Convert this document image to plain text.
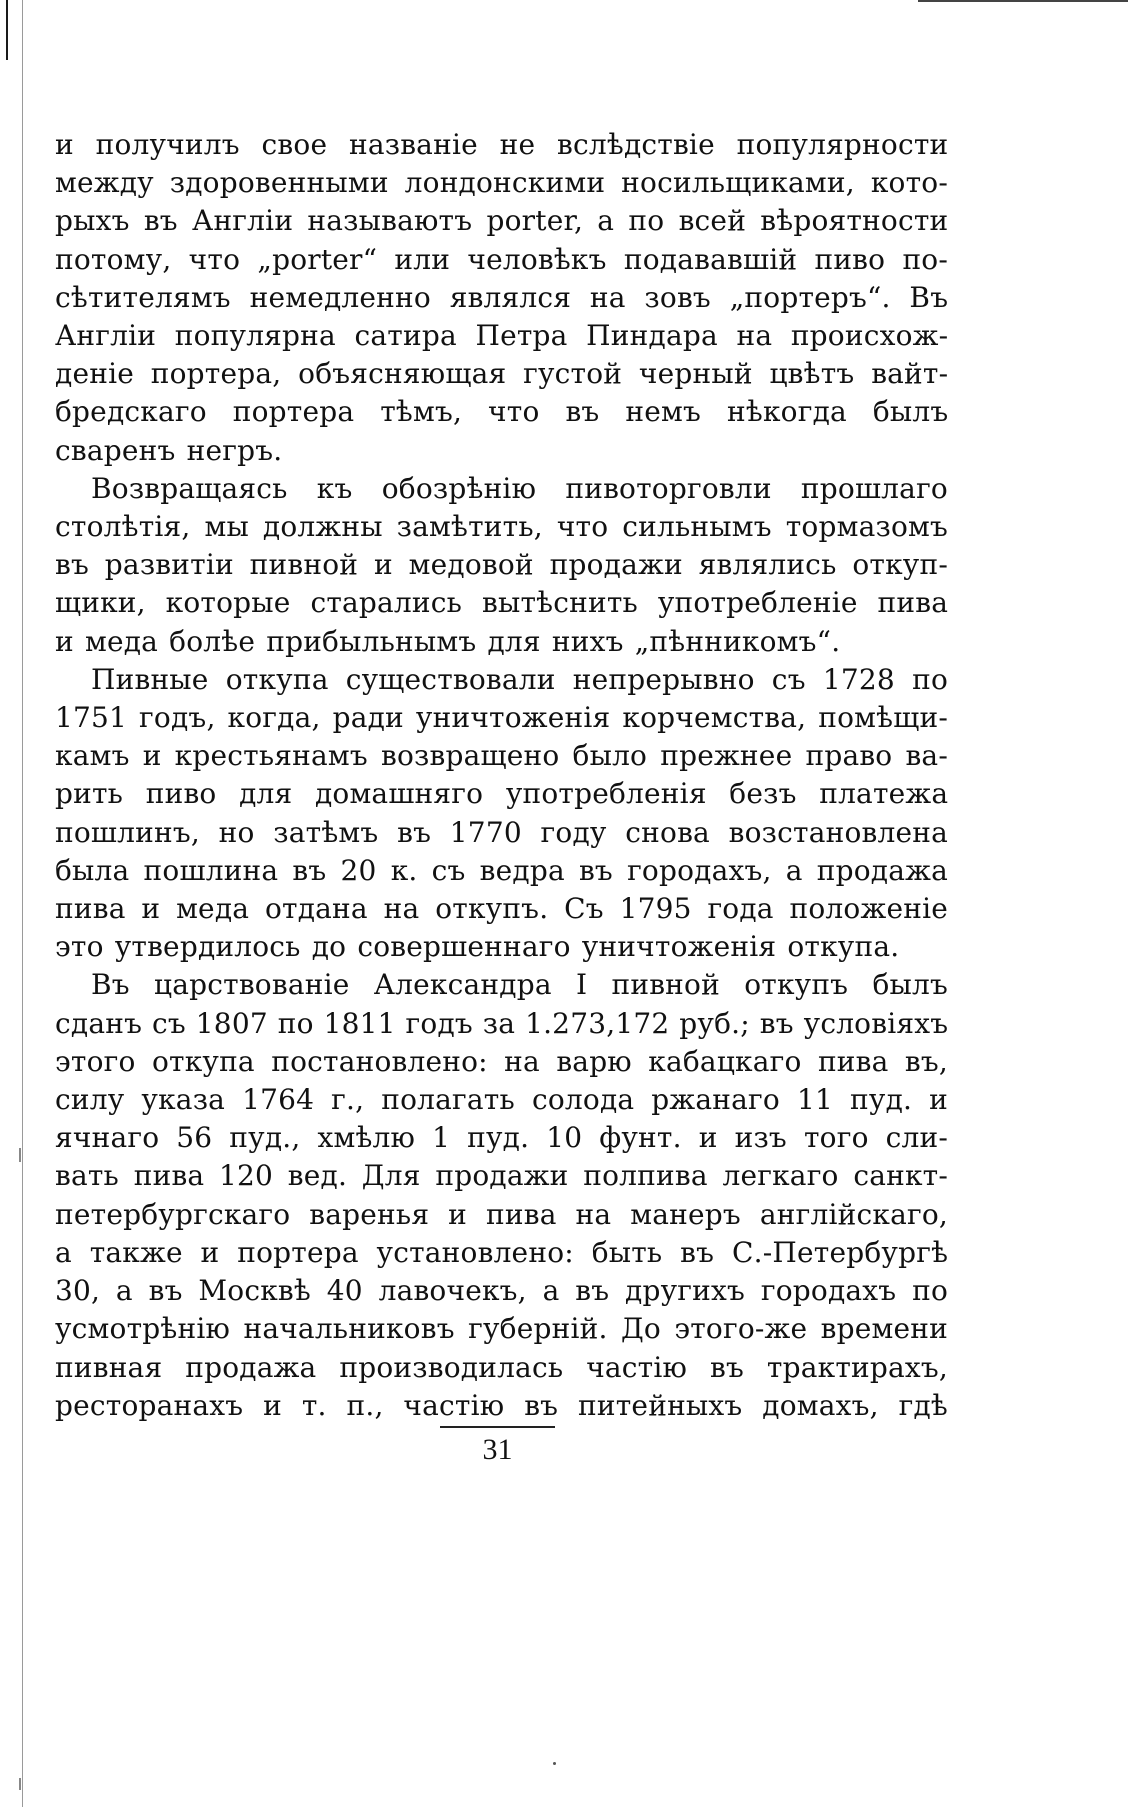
и получилъ свое названіе не вслѣдствіе популярности
между здоровенными лондонскими носильщиками, кото-
рыхъ въ Англіи называютъ porter, а по всей вѣроятности
потому, что „porter“ или человѣкъ подававшій пиво по-
сѣтителямъ немедленно являлся на зовъ „портеръ“. Въ
Англіи популярна сатира Петра Пиндара на происхож-
деніе портера, объясняющая густой черный цвѣтъ вайт-
бредскаго портера тѣмъ, что въ немъ нѣкогда былъ
сваренъ негръ.
Возвращаясь къ обозрѣнію пивоторговли прошлаго
столѣтія, мы должны замѣтить, что сильнымъ тормазомъ
въ развитіи пивной и медовой продажи являлись откуп-
щики, которые старались вытѣснить употребленіе пива
и меда болѣе прибыльнымъ для нихъ „пѣнникомъ“.
Пивные откупа существовали непрерывно съ 1728 по
1751 годъ, когда, ради уничтоженія корчемства, помѣщи-
камъ и крестьянамъ возвращено было прежнее право ва-
рить пиво для домашняго употребленія безъ платежа
пошлинъ, но затѣмъ въ 1770 году снова возстановлена
была пошлина въ 20 к. съ ведра въ городахъ, а продажа
пива и меда отдана на откупъ. Съ 1795 года положеніе
это утвердилось до совершеннаго уничтоженія откупа.
Въ царствованіе Александра I пивной откупъ былъ
сданъ съ 1807 по 1811 годъ за 1.273,172 руб.; въ условіяхъ
этого откупа постановлено: на варю кабацкаго пива въ,
силу указа 1764 г., полагать солода ржанаго 11 пуд. и
ячнаго 56 пуд., хмѣлю 1 пуд. 10 фунт. и изъ того сли-
вать пива 120 вед. Для продажи полпива легкаго санкт-
петербургскаго варенья и пива на манеръ англійскаго,
а также и портера установлено: быть въ С.-Петербургѣ
30, а въ Москвѣ 40 лавочекъ, а въ другихъ городахъ по
усмотрѣнію начальниковъ губерній. До этого-же времени
пивная продажа производилась частію въ трактирахъ,
ресторанахъ и т. п., частію въ питейныхъ домахъ, гдѣ
31
